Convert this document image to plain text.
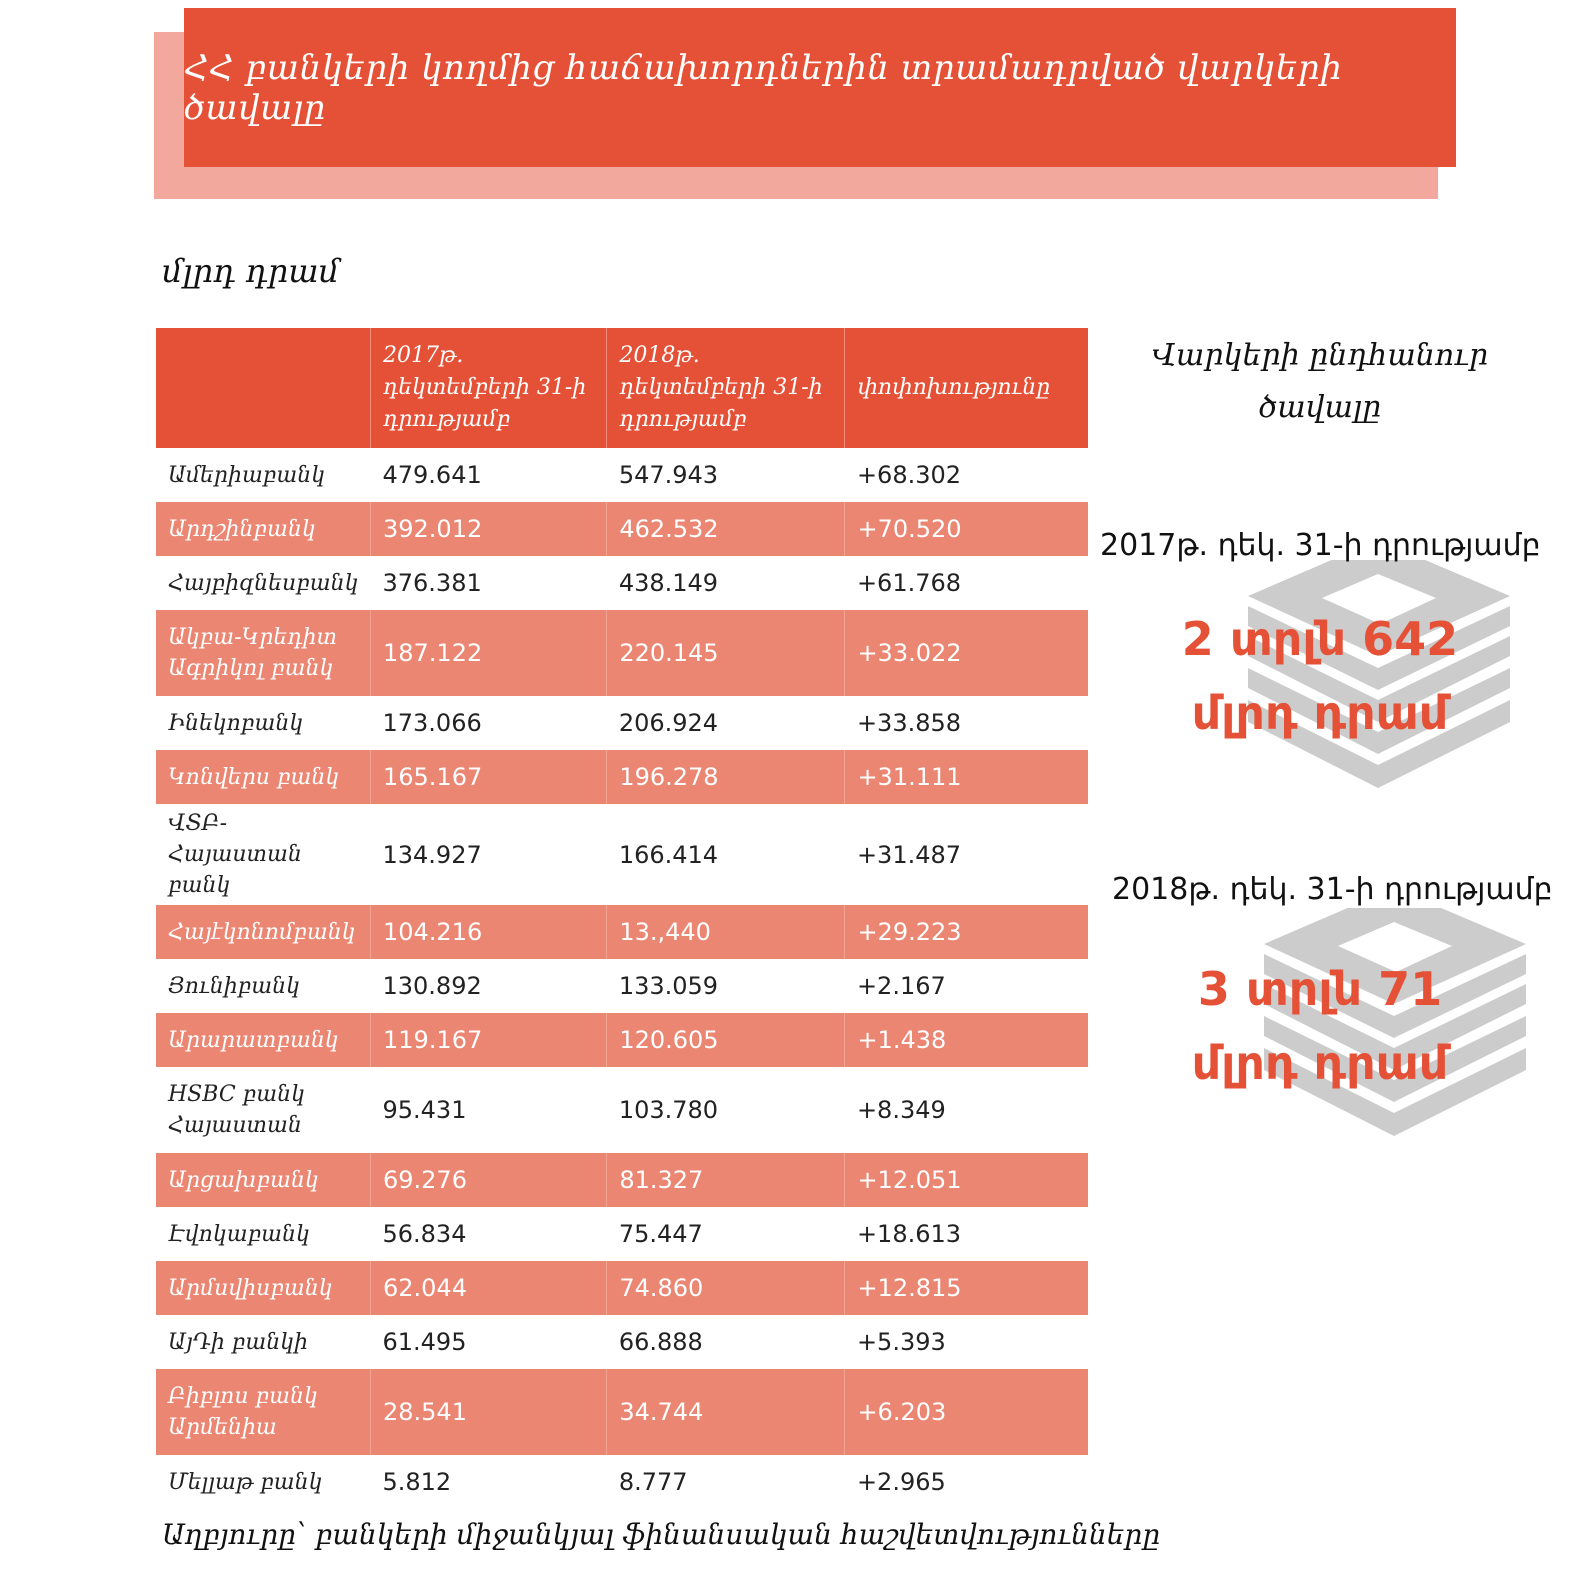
ՀՀ բանկերի կողմից հաճախորդներին տրամադրված վարկերի ծավալը
մլրդ դրամ
	2017թ. դեկտեմբերի 31-ի դրությամբ	2018թ. դեկտեմբերի 31-ի դրությամբ	փոփոխությունը
Ամերիաբանկ	479.641	547.943	+68.302
Արդշինբանկ	392.012	462.532	+70.520
Հայբիզնեսբանկ	376.381	438.149	+61.768
Ակբա-Կրեդիտ Ագրիկոլ բանկ	187.122	220.145	+33.022
Ինեկոբանկ	173.066	206.924	+33.858
Կոնվերս բանկ	165.167	196.278	+31.111
ՎՏԲ-Հայաստան բանկ	134.927	166.414	+31.487
Հայէկոնոմբանկ	104.216	13.,440	+29.223
Յունիբանկ	130.892	133.059	+2.167
Արարատբանկ	119.167	120.605	+1.438
HSBC բանկ Հայաստան	95.431	103.780	+8.349
Արցախբանկ	69.276	81.327	+12.051
Էվոկաբանկ	56.834	75.447	+18.613
Արմսվիսբանկ	62.044	74.860	+12.815
ԱյԴի բանկի	61.495	66.888	+5.393
Բիբլոս բանկ Արմենիա	28.541	34.744	+6.203
Մելլաթ բանկ	5.812	8.777	+2.965
Վարկերի ընդհանուր ծավալը
2017թ. դեկ. 31-ի դրությամբ
2 տրլն 642 մլրդ դրամ
2018թ. դեկ. 31-ի դրությամբ
3 տրլն 71 մլրդ դրամ
Աղբյուրը՝ բանկերի միջանկյալ ֆինանսական հաշվետվությունները
